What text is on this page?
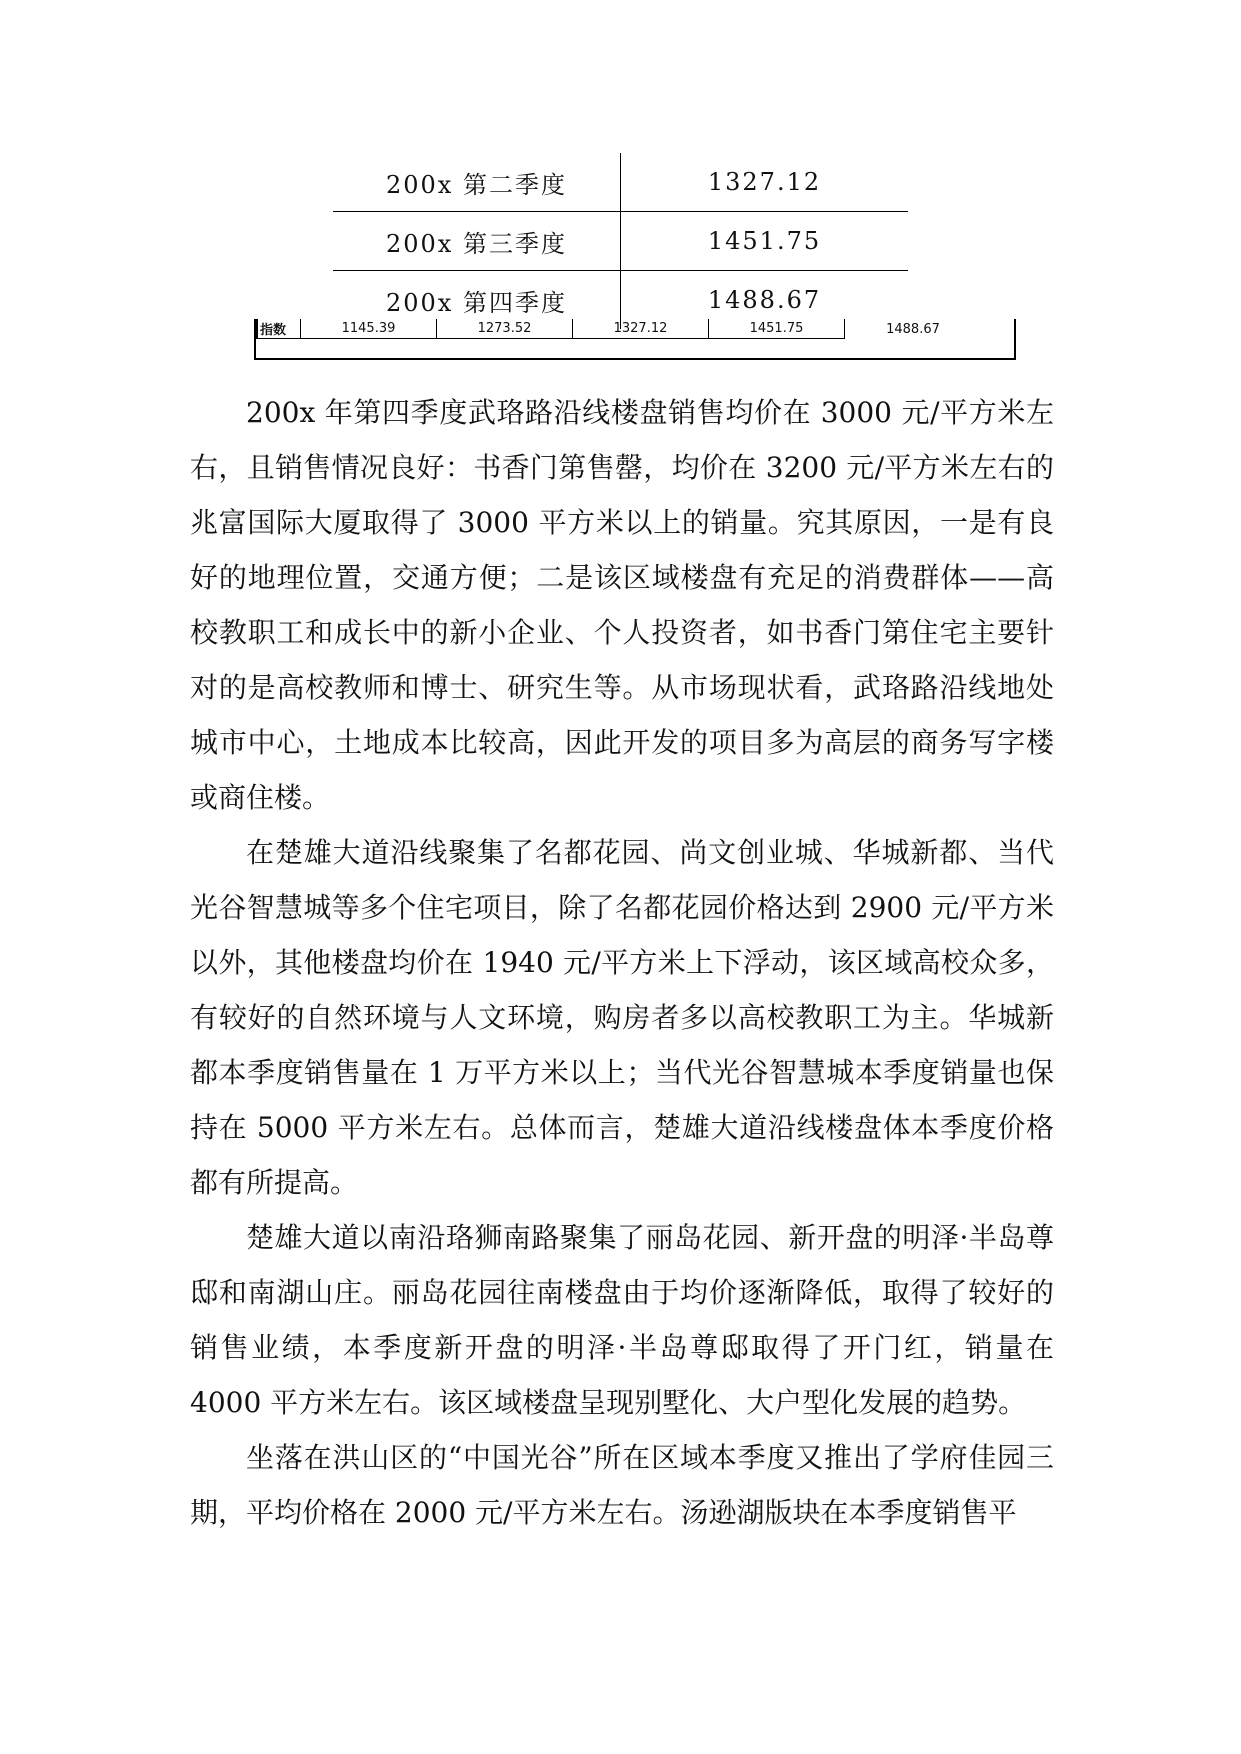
200x 第二季度	1327.12
200x 第三季度	1451.75
200x 第四季度	1488.67
指数	1145.39	1273.52	1327.12	1451.75	1488.67

200x 年第四季度武珞路沿线楼盘销售均价在 3000 元/平方米左右，且销售情况良好：书香门第售罄，均价在 3200 元/平方米左右的兆富国际大厦取得了 3000 平方米以上的销量。究其原因，一是有良好的地理位置，交通方便；二是该区域楼盘有充足的消费群体——高校教职工和成长中的新小企业、个人投资者，如书香门第住宅主要针对的是高校教师和博士、研究生等。从市场现状看，武珞路沿线地处城市中心，土地成本比较高，因此开发的项目多为高层的商务写字楼或商住楼。

在楚雄大道沿线聚集了名都花园、尚文创业城、华城新都、当代光谷智慧城等多个住宅项目，除了名都花园价格达到 2900 元/平方米以外，其他楼盘均价在 1940 元/平方米上下浮动，该区域高校众多，有较好的自然环境与人文环境，购房者多以高校教职工为主。华城新都本季度销售量在 1 万平方米以上；当代光谷智慧城本季度销量也保持在 5000 平方米左右。总体而言，楚雄大道沿线楼盘体本季度价格都有所提高。

楚雄大道以南沿珞狮南路聚集了丽岛花园、新开盘的明泽·半岛尊邸和南湖山庄。丽岛花园往南楼盘由于均价逐渐降低，取得了较好的销售业绩，本季度新开盘的明泽·半岛尊邸取得了开门红，销量在 4000 平方米左右。该区域楼盘呈现别墅化、大户型化发展的趋势。

坐落在洪山区的“中国光谷”所在区域本季度又推出了学府佳园三期，平均价格在 2000 元/平方米左右。汤逊湖版块在本季度销售平
